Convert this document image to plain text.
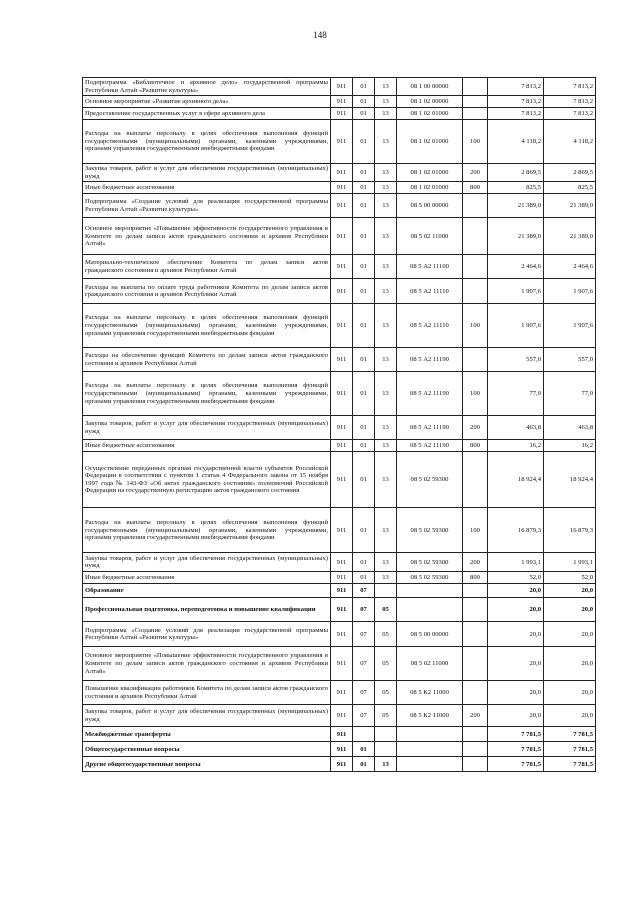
148
Подпрограмма «Библиотечное и архивное дело» государственной программы Республики Алтай «Развитие культуры»	911	01	13	08 1 00 00000		7 813,2	7 813,2
Основное мероприятие «Развитие архивного дела»	911	01	13	08 1 02 00000		7 813,2	7 813,2
Предоставление государственных услуг в сфере архивного дела	911	01	13	08 1 02 01000		7 813,2	7 813,2
Расходы на выплаты персоналу в целях обеспечения выполнения функций государственными (муниципальными) органами, казенными учреждениями, органами управления государственными внебюджетными фондами	911	01	13	08 1 02 01000	100	4 118,2	4 118,2
Закупка товаров, работ и услуг для обеспечения государственных (муниципальных) нужд	911	01	13	08 1 02 01000	200	2 869,5	2 869,5
Иные бюджетные ассигнования	911	01	13	08 1 02 01000	800	825,5	825,5
Подпрограмма «Создание условий для реализации государственной программы Республики Алтай «Развитие культуры»	911	01	13	08 5 00 00000		21 389,0	21 389,0
Основное мероприятие «Повышение эффективности государственного управления в Комитете по делам записи актов гражданского состояния и архивов Республики Алтай»	911	01	13	08 5 02 11000		21 389,0	21 389,0
Материально-техническое обеспечение Комитета по делам записи актов гражданского состояния и архивов Республики Алтай	911	01	13	08 5 А2 11100		2 464,6	2 464,6
Расходы на выплаты по оплате труда работников Комитета по делам записи актов гражданского состояния и архивов Республики Алтай	911	01	13	08 5 А2 11110		1 907,6	1 907,6
Расходы на выплаты персоналу в целях обеспечения выполнения функций государственными (муниципальными) органами, казенными учреждениями, органами управления государственными внебюджетными фондами	911	01	13	08 5 А2 11110	100	1 907,6	1 907,6
Расходы на обеспечение функций Комитета по делам записи актов гражданского состояния и архивов Республики Алтай	911	01	13	08 5 А2 11190		557,0	557,0
Расходы на выплаты персоналу в целях обеспечения выполнения функций государственными (муниципальными) органами, казенными учреждениями, органами управления государственными внебюджетными фондами	911	01	13	08 5 А2 11190	100	77,0	77,0
Закупка товаров, работ и услуг для обеспечения государственных (муниципальных) нужд	911	01	13	08 5 А2 11190	200	463,8	463,8
Иные бюджетные ассигнования	911	01	13	08 5 А2 11190	800	16,2	16,2
Осуществление переданных органам государственной власти субъектов Российской Федерации в соответствии с пунктом 1 статьи 4 Федерального закона от 15 ноября 1997 года № 143-ФЗ «Об актах гражданского состояния» полномочий Российской Федерации на государственную регистрацию актов гражданского состояния	911	01	13	08 5 02 59300		18 924,4	18 924,4
Расходы на выплаты персоналу в целях обеспечения выполнения функций государственными (муниципальными) органами, казенными учреждениями, органами управления государственными внебюджетными фондами	911	01	13	08 5 02 59300	100	16 879,3	16 879,3
Закупка товаров, работ и услуг для обеспечения государственных (муниципальных) нужд	911	01	13	08 5 02 59300	200	1 993,1	1 993,1
Иные бюджетные ассигнования	911	01	13	08 5 02 59300	800	52,0	52,0
Образование	911	07				20,0	20,0
Профессиональная подготовка, переподготовка и повышение квалификации	911	07	05			20,0	20,0
Подпрограмма «Создание условий для реализации государственной программы Республики Алтай «Развитие культуры»	911	07	05	08 5 00 00000		20,0	20,0
Основное мероприятие «Повышение эффективности государственного управления в Комитете по делам записи актов гражданского состояния и архивов Республики Алтай»	911	07	05	08 5 02 11000		20,0	20,0
Повышение квалификации работников Комитета по делам записи актов гражданского состояния и архивов Республики Алтай	911	07	05	08 5 К2 11000		20,0	20,0
Закупка товаров, работ и услуг для обеспечения государственных (муниципальных) нужд	911	07	05	08 5 К2 11000	200	20,0	20,0
Межбюджетные трансферты	911					7 781,5	7 781,5
Общегосударственные вопросы	911	01				7 781,5	7 781,5
Другие общегосударственные вопросы	911	01	13			7 781,5	7 781,5
